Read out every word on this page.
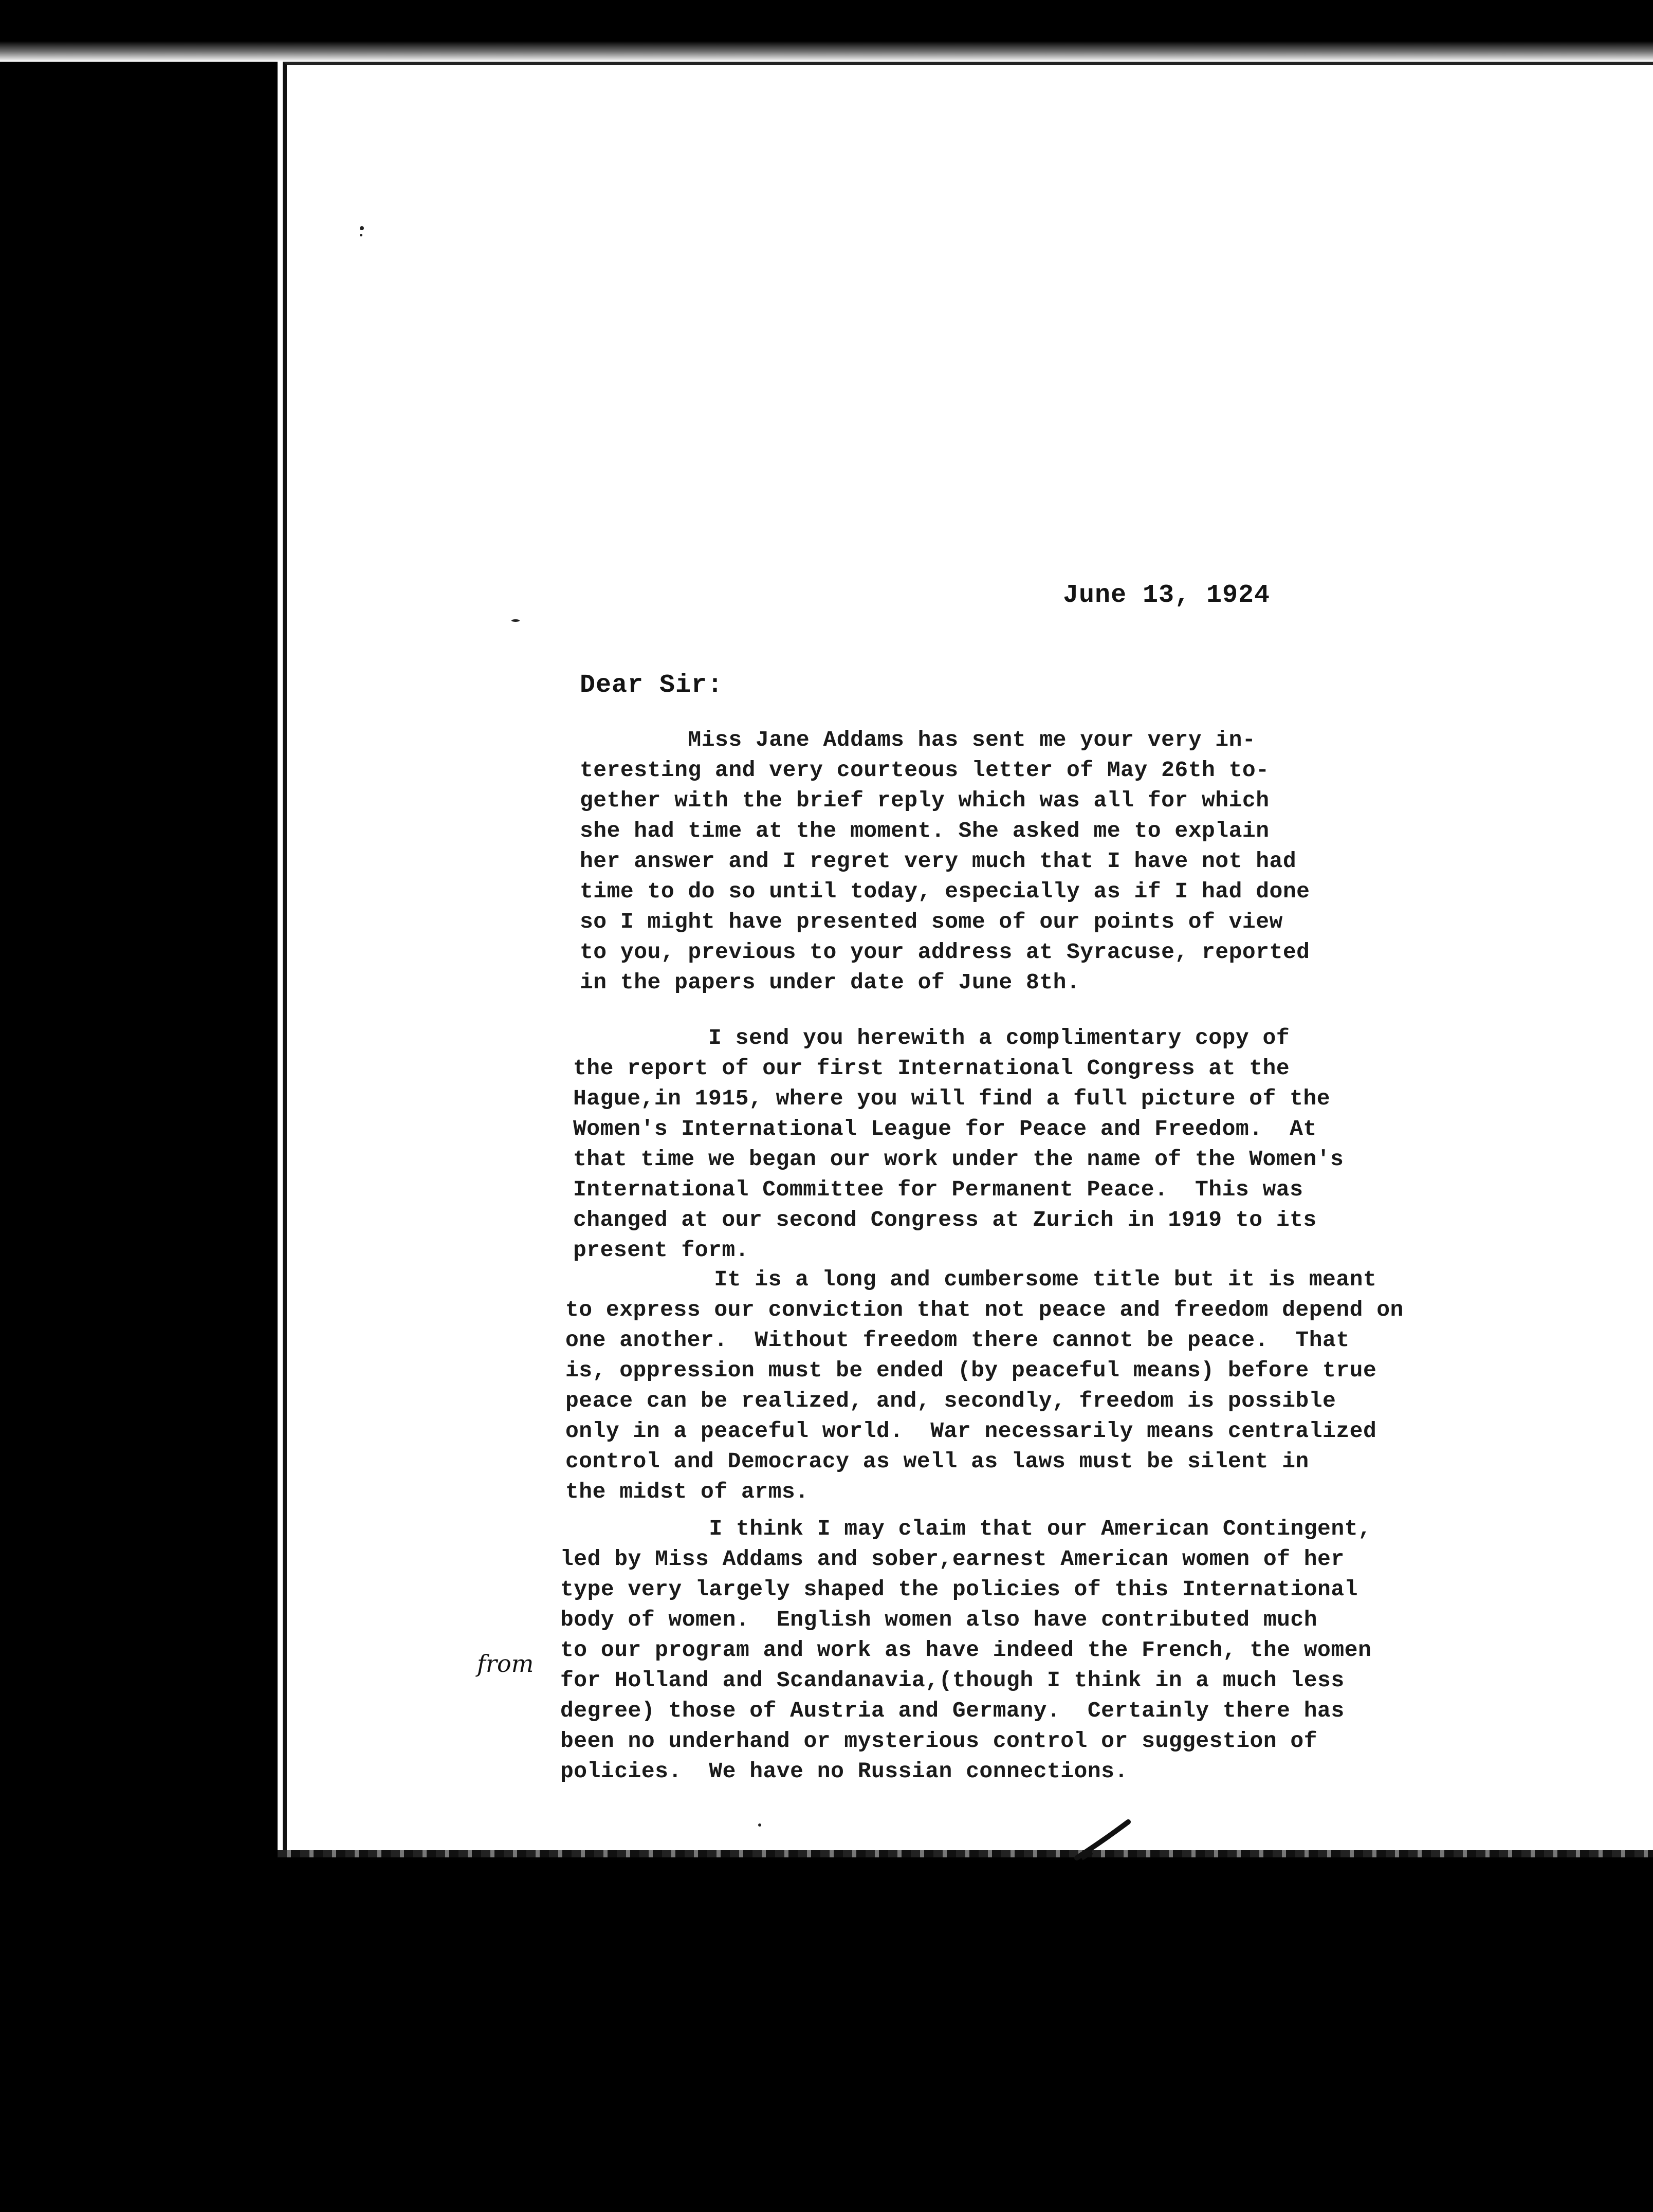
June 13, 1924
Dear Sir:
Miss Jane Addams has sent me your very in-
teresting and very courteous letter of May 26th to-
gether with the brief reply which was all for which
she had time at the moment. She asked me to explain
her answer and I regret very much that I have not had
time to do so until today, especially as if I had done
so I might have presented some of our points of view
to you, previous to your address at Syracuse, reported
in the papers under date of June 8th.
I send you herewith a complimentary copy of
the report of our first International Congress at the
Hague,in 1915, where you will find a full picture of the
Women's International League for Peace and Freedom.  At
that time we began our work under the name of the Women's
International Committee for Permanent Peace.  This was
changed at our second Congress at Zurich in 1919 to its
present form.
It is a long and cumbersome title but it is meant
to express our conviction that not peace and freedom depend on
one another.  Without freedom there cannot be peace.  That
is, oppression must be ended (by peaceful means) before true
peace can be realized, and, secondly, freedom is possible
only in a peaceful world.  War necessarily means centralized
control and Democracy as well as laws must be silent in
the midst of arms.
I think I may claim that our American Contingent,
led by Miss Addams and sober,earnest American women of her
type very largely shaped the policies of this International
body of women.  English women also have contributed much
to our program and work as have indeed the French, the women
for Holland and Scandanavia,(though I think in a much less
degree) those of Austria and Germany.  Certainly there has
been no underhand or mysterious control or suggestion of
policies.  We have no Russian connections.
from
